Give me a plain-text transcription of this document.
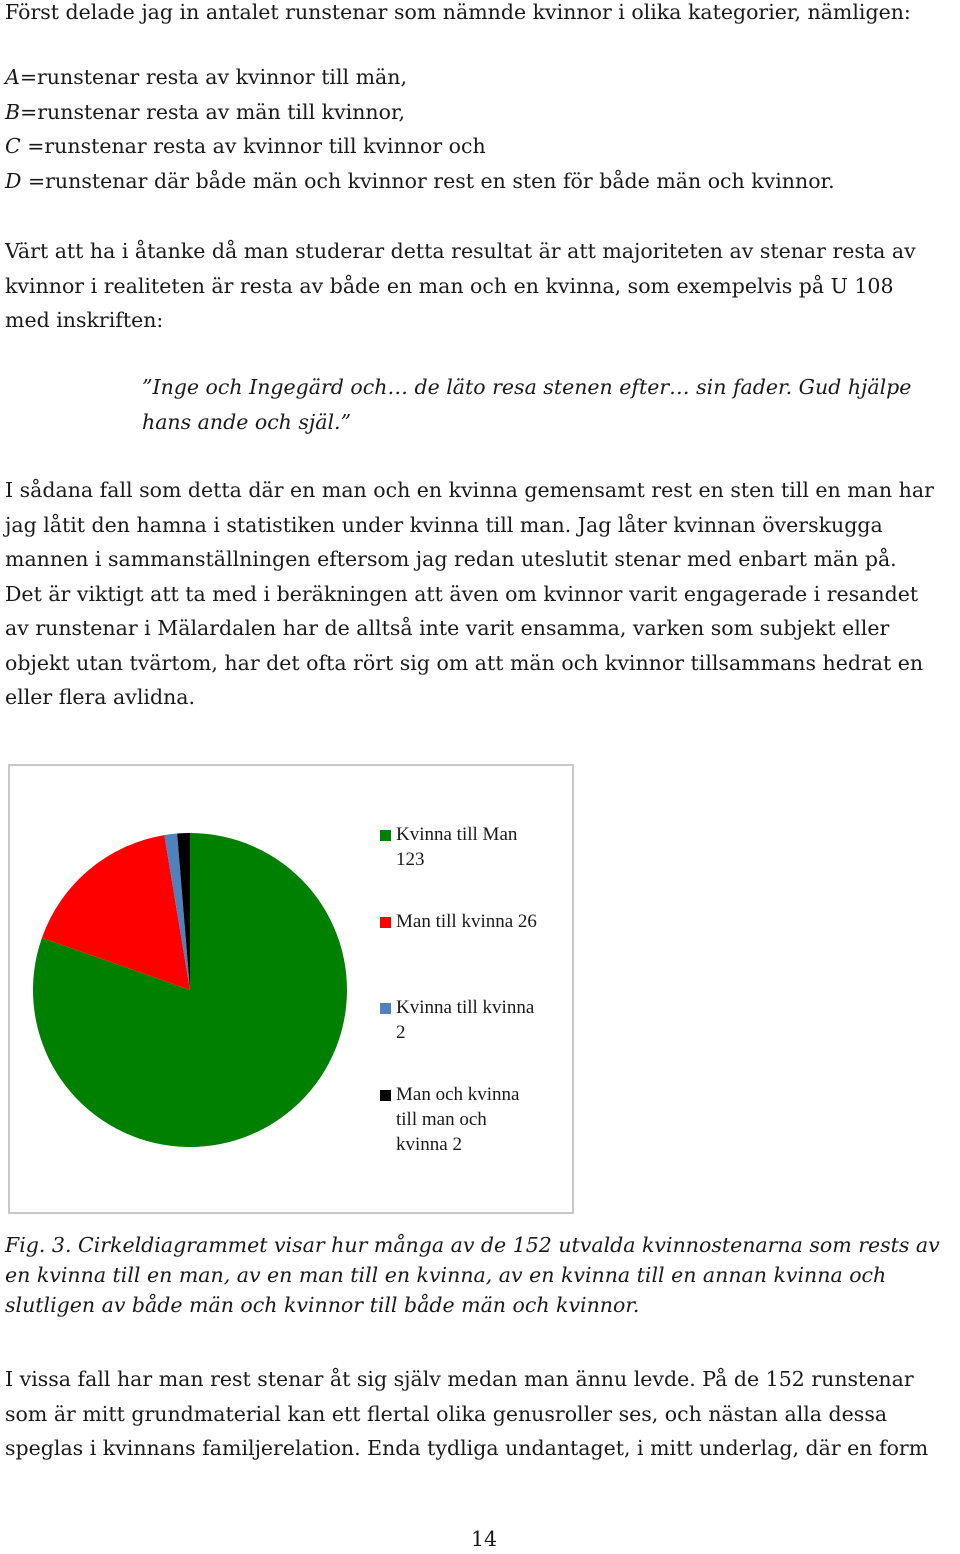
Först delade jag in antalet runstenar som nämnde kvinnor i olika kategorier, nämligen:

A=runstenar resta av kvinnor till män,
B=runstenar resta av män till kvinnor,
C =runstenar resta av kvinnor till kvinnor och
D =runstenar där både män och kvinnor rest en sten för både män och kvinnor.

Värt att ha i åtanke då man studerar detta resultat är att majoriteten av stenar resta av
kvinnor i realiteten är resta av både en man och en kvinna, som exempelvis på U 108
med inskriften:

”Inge och Ingegärd och… de läto resa stenen efter… sin fader. Gud hjälpe
hans ande och själ.”

I sådana fall som detta där en man och en kvinna gemensamt rest en sten till en man har
jag låtit den hamna i statistiken under kvinna till man. Jag låter kvinnan överskugga
mannen i sammanställningen eftersom jag redan uteslutit stenar med enbart män på.
Det är viktigt att ta med i beräkningen att även om kvinnor varit engagerade i resandet
av runstenar i Mälardalen har de alltså inte varit ensamma, varken som subjekt eller
objekt utan tvärtom, har det ofta rört sig om att män och kvinnor tillsammans hedrat en
eller flera avlidna.

Kvinna till Man
123
Man till kvinna 26
Kvinna till kvinna
2
Man och kvinna
till man och
kvinna 2

Fig. 3. Cirkeldiagrammet visar hur många av de 152 utvalda kvinnostenarna som rests av
en kvinna till en man, av en man till en kvinna, av en kvinna till en annan kvinna och
slutligen av både män och kvinnor till både män och kvinnor.

I vissa fall har man rest stenar åt sig själv medan man ännu levde. På de 152 runstenar
som är mitt grundmaterial kan ett flertal olika genusroller ses, och nästan alla dessa
speglas i kvinnans familjerelation. Enda tydliga undantaget, i mitt underlag, där en form

14
